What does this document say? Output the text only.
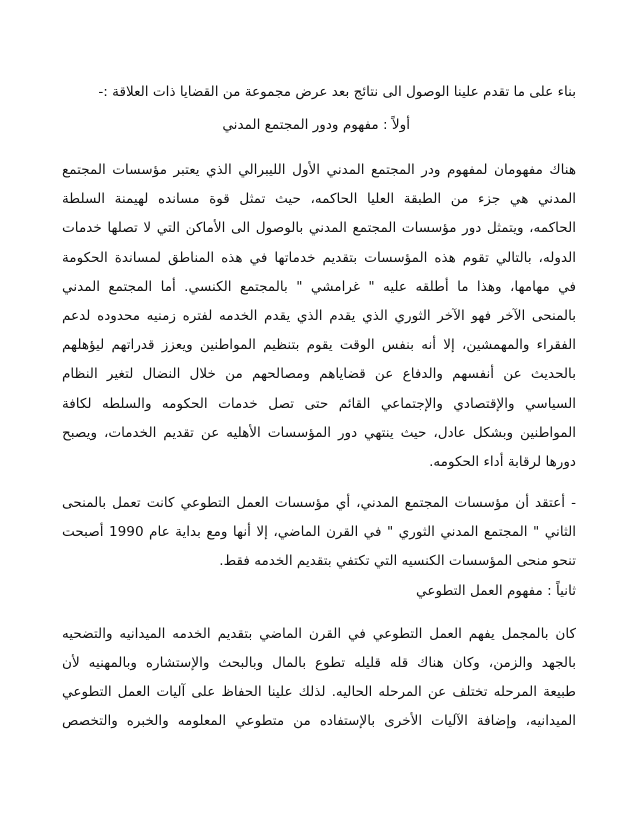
بناء على ما تقدم علينا الوصول الى نتائج بعد عرض مجموعة من القضايا ذات العلاقة :-

أولاً : مفهوم ودور المجتمع المدني

هناك مفهومان لمفهوم ودر المجتمع المدني الأول الليبرالي الذي يعتبر مؤسسات المجتمع
المدني هي جزء من الطبقة العليا الحاكمه، حيث تمثل قوة مسانده لهيمنة السلطة
الحاكمه، ويتمثل دور مؤسسات المجتمع المدني بالوصول الى الأماكن التي لا تصلها خدمات
الدوله، بالتالي تقوم هذه المؤسسات بتقديم خدماتها في هذه المناطق لمساندة الحكومة
في مهامها، وهذا ما أطلقه عليه " غرامشي " بالمجتمع الكنسي. أما المجتمع المدني
بالمنحى الآخر فهو الآخر الثوري الذي يقدم الذي يقدم الخدمه لفتره زمنيه محدوده لدعم
الفقراء والمهمشين، إلا أنه بنفس الوقت يقوم بتنظيم المواطنين ويعزز قدراتهم ليؤهلهم
بالحديث عن أنفسهم والدفاع عن قضاياهم ومصالحهم من خلال النضال لتغير النظام
السياسي والإقتصادي والإجتماعي القائم حتى تصل خدمات الحكومه والسلطه لكافة
المواطنين وبشكل عادل، حيث ينتهي دور المؤسسات الأهليه عن تقديم الخدمات، ويصبح
دورها لرقابة أداء الحكومه.
- أعتقد أن مؤسسات المجتمع المدني، أي مؤسسات العمل التطوعي كانت تعمل بالمنحى
الثاني " المجتمع المدني الثوري " في القرن الماضي، إلا أنها ومع بداية عام 1990 أصبحت
تنحو منحى المؤسسات الكنسيه التي تكتفي بتقديم الخدمه فقط.

ثانياً : مفهوم العمل التطوعي

كان بالمجمل يفهم العمل التطوعي في القرن الماضي بتقديم الخدمه الميدانيه والتضحيه
بالجهد والزمن، وكان هناك قله قليله تطوع بالمال وبالبحث والإستشاره وبالمهنيه لأن
طبيعة المرحله تختلف عن المرحله الحاليه. لذلك علينا الحفاظ على آليات العمل التطوعي
الميدانيه، وإضافة الآليات الأخرى بالإستفاده من متطوعي المعلومه والخبره والتخصص
